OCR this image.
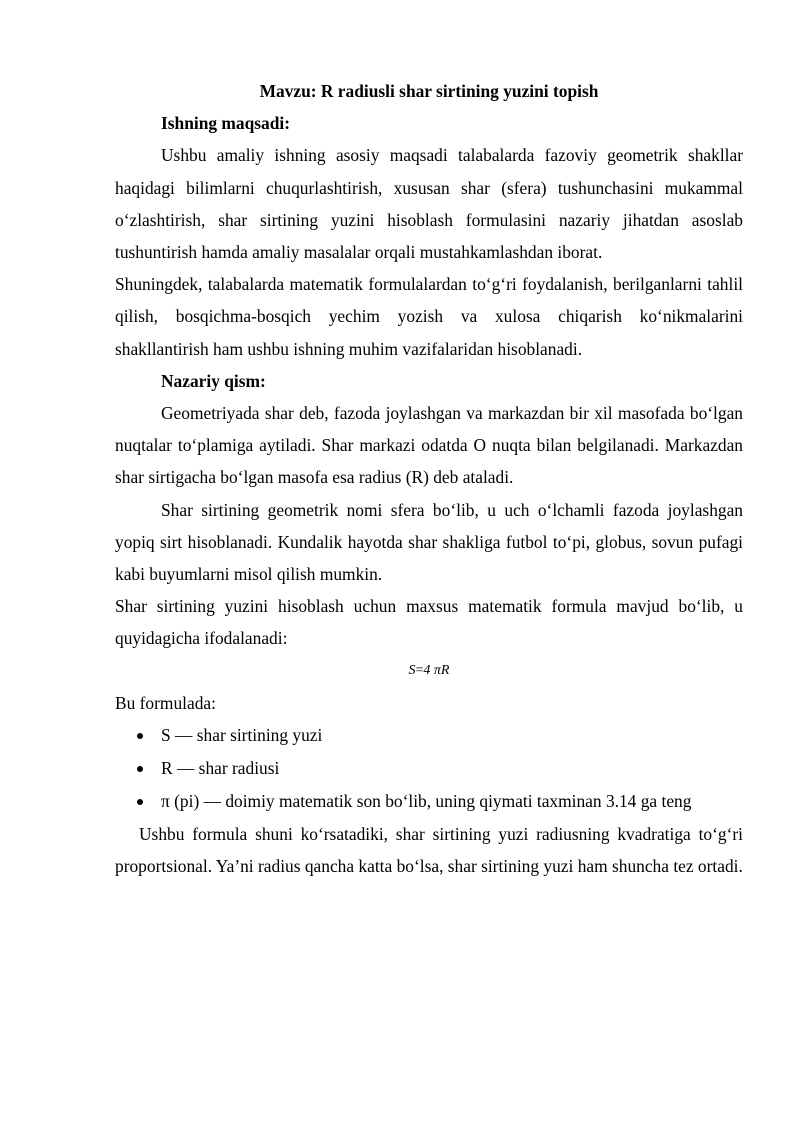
Mavzu: R radiusli shar sirtining yuzini topish

Ishning maqsadi:

Ushbu amaliy ishning asosiy maqsadi talabalarda fazoviy geometrik shakllar haqidagi bilimlarni chuqurlashtirish, xususan shar (sfera) tushunchasini mukammal o‘zlashtirish, shar sirtining yuzini hisoblash formulasini nazariy jihatdan asoslab tushuntirish hamda amaliy masalalar orqali mustahkamlashdan iborat.

Shuningdek, talabalarda matematik formulalardan to‘g‘ri foydalanish, berilganlarni tahlil qilish, bosqichma-bosqich yechim yozish va xulosa chiqarish ko‘nikmalarini shakllantirish ham ushbu ishning muhim vazifalaridan hisoblanadi.

Nazariy qism:

Geometriyada shar deb, fazoda joylashgan va markazdan bir xil masofada bo‘lgan nuqtalar to‘plamiga aytiladi. Shar markazi odatda O nuqta bilan belgilanadi. Markazdan shar sirtigacha bo‘lgan masofa esa radius (R) deb ataladi.

Shar sirtining geometrik nomi sfera bo‘lib, u uch o‘lchamli fazoda joylashgan yopiq sirt hisoblanadi. Kundalik hayotda shar shakliga futbol to‘pi, globus, sovun pufagi kabi buyumlarni misol qilish mumkin.

Shar sirtining yuzini hisoblash uchun maxsus matematik formula mavjud bo‘lib, u quyidagicha ifodalanadi:

S=4 πR

Bu formulada:

S — shar sirtining yuzi
R — shar radiusi
π (pi) — doimiy matematik son bo‘lib, uning qiymati taxminan 3.14 ga teng

Ushbu formula shuni ko‘rsatadiki, shar sirtining yuzi radiusning kvadratiga to‘g‘ri proportsional. Ya’ni radius qancha katta bo‘lsa, shar sirtining yuzi ham shuncha tez ortadi.
